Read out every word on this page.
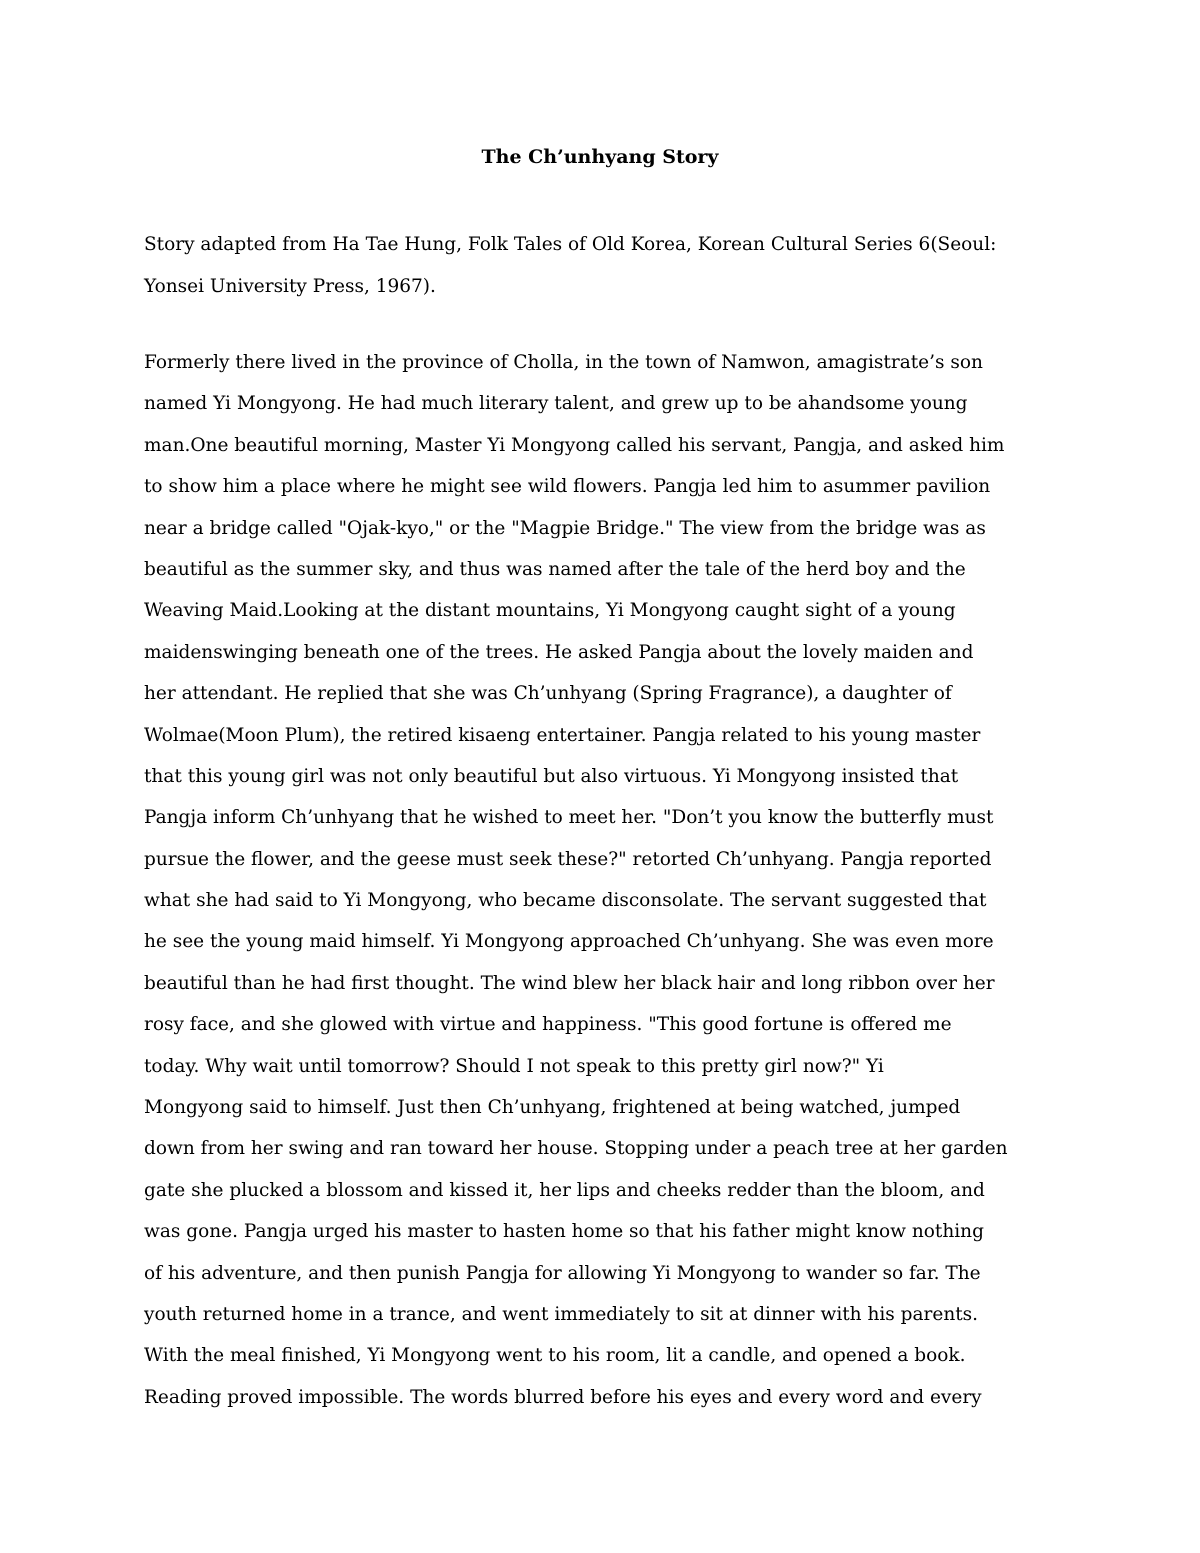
The Ch’unhyang Story
Story adapted from Ha Tae Hung, Folk Tales of Old Korea, Korean Cultural Series 6(Seoul:
Yonsei University Press, 1967).
Formerly there lived in the province of Cholla, in the town of Namwon, amagistrate’s son
named Yi Mongyong. He had much literary talent, and grew up to be ahandsome young
man.One beautiful morning, Master Yi Mongyong called his servant, Pangja, and asked him
to show him a place where he might see wild flowers. Pangja led him to asummer pavilion
near a bridge called "Ojak-kyo," or the "Magpie Bridge." The view from the bridge was as
beautiful as the summer sky, and thus was named after the tale of the herd boy and the
Weaving Maid.Looking at the distant mountains, Yi Mongyong caught sight of a young
maidenswinging beneath one of the trees. He asked Pangja about the lovely maiden and
her attendant. He replied that she was Ch’unhyang (Spring Fragrance), a daughter of
Wolmae(Moon Plum), the retired kisaeng entertainer. Pangja related to his young master
that this young girl was not only beautiful but also virtuous. Yi Mongyong insisted that
Pangja inform Ch’unhyang that he wished to meet her. "Don’t you know the butterfly must
pursue the flower, and the geese must seek these?" retorted Ch’unhyang. Pangja reported
what she had said to Yi Mongyong, who became disconsolate. The servant suggested that
he see the young maid himself. Yi Mongyong approached Ch’unhyang. She was even more
beautiful than he had first thought. The wind blew her black hair and long ribbon over her
rosy face, and she glowed with virtue and happiness. "This good fortune is offered me
today. Why wait until tomorrow? Should I not speak to this pretty girl now?" Yi
Mongyong said to himself. Just then Ch’unhyang, frightened at being watched, jumped
down from her swing and ran toward her house. Stopping under a peach tree at her garden
gate she plucked a blossom and kissed it, her lips and cheeks redder than the bloom, and
was gone. Pangja urged his master to hasten home so that his father might know nothing
of his adventure, and then punish Pangja for allowing Yi Mongyong to wander so far. The
youth returned home in a trance, and went immediately to sit at dinner with his parents.
With the meal finished, Yi Mongyong went to his room, lit a candle, and opened a book.
Reading proved impossible. The words blurred before his eyes and every word and every
